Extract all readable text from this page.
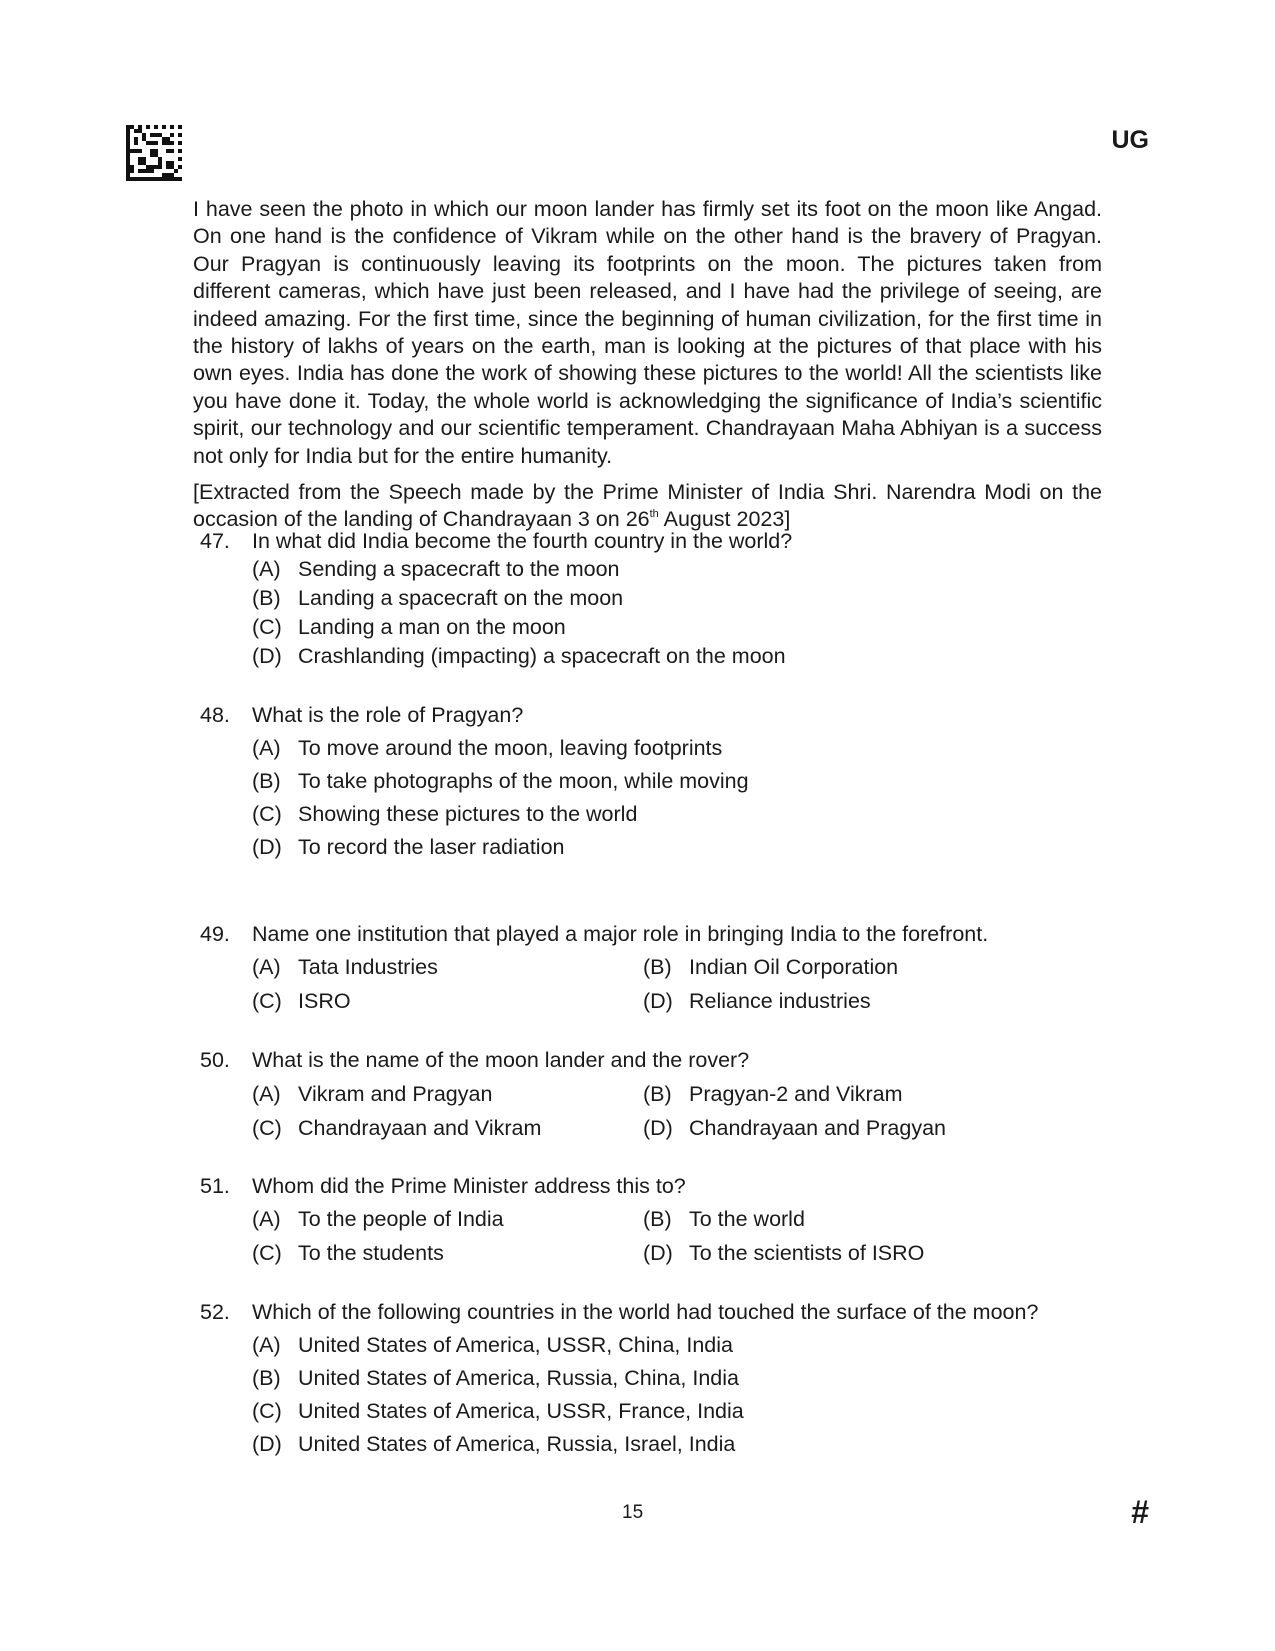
UG

I have seen the photo in which our moon lander has firmly set its foot on the moon like Angad. On one hand is the confidence of Vikram while on the other hand is the bravery of Pragyan. Our Pragyan is continuously leaving its footprints on the moon. The pictures taken from different cameras, which have just been released, and I have had the privilege of seeing, are indeed amazing. For the first time, since the beginning of human civilization, for the first time in the history of lakhs of years on the earth, man is looking at the pictures of that place with his own eyes. India has done the work of showing these pictures to the world! All the scientists like you have done it. Today, the whole world is acknowledging the significance of India’s scientific spirit, our technology and our scientific temperament. Chandrayaan Maha Abhiyan is a success not only for India but for the entire humanity.

[Extracted from the Speech made by the Prime Minister of India Shri. Narendra Modi on the occasion of the landing of Chandrayaan 3 on 26th August 2023]

47. In what did India become the fourth country in the world?
(A) Sending a spacecraft to the moon
(B) Landing a spacecraft on the moon
(C) Landing a man on the moon
(D) Crashlanding (impacting) a spacecraft on the moon
48. What is the role of Pragyan?
(A) To move around the moon, leaving footprints
(B) To take photographs of the moon, while moving
(C) Showing these pictures to the world
(D) To record the laser radiation
49. Name one institution that played a major role in bringing India to the forefront.
(A) Tata Industries	(B) Indian Oil Corporation
(C) ISRO	(D) Reliance industries
50. What is the name of the moon lander and the rover?
(A) Vikram and Pragyan	(B) Pragyan-2 and Vikram
(C) Chandrayaan and Vikram	(D) Chandrayaan and Pragyan
51. Whom did the Prime Minister address this to?
(A) To the people of India	(B) To the world
(C) To the students	(D) To the scientists of ISRO
52. Which of the following countries in the world had touched the surface of the moon?
(A) United States of America, USSR, China, India
(B) United States of America, Russia, China, India
(C) United States of America, USSR, France, India
(D) United States of America, Russia, Israel, India
15	#
